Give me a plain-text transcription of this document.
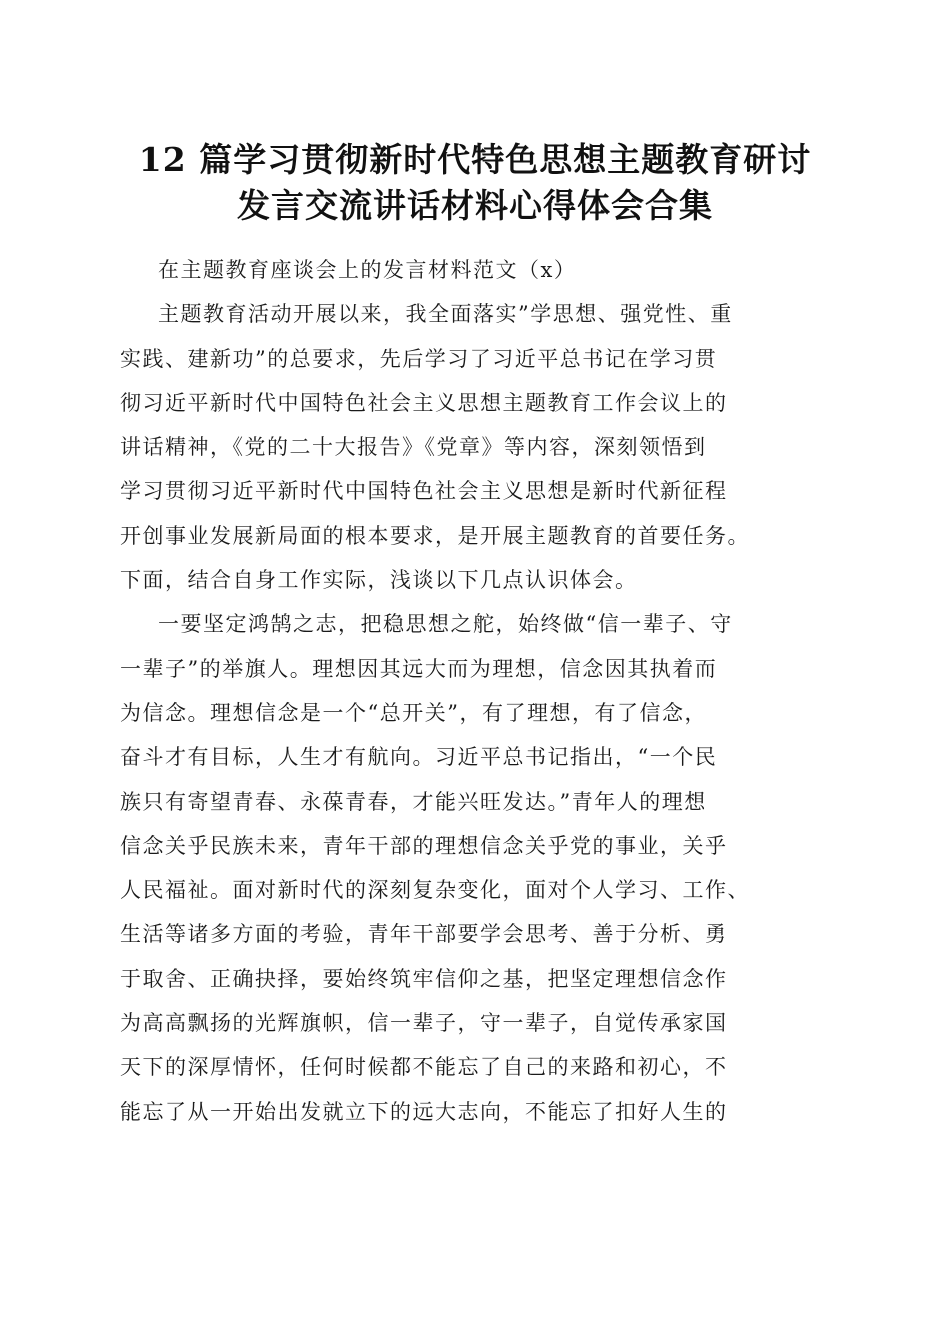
12 篇学习贯彻新时代特色思想主题教育研讨
发言交流讲话材料心得体会合集
在主题教育座谈会上的发言材料范文（x）
主题教育活动开展以来，我全面落实”学思想、强党性、重
实践、建新功”的总要求，先后学习了习近平总书记在学习贯
彻习近平新时代中国特色社会主义思想主题教育工作会议上的
讲话精神，《党的二十大报告》《党章》等内容，深刻领悟到
学习贯彻习近平新时代中国特色社会主义思想是新时代新征程
开创事业发展新局面的根本要求，是开展主题教育的首要任务。
下面，结合自身工作实际，浅谈以下几点认识体会。
一要坚定鸿鹄之志，把稳思想之舵，始终做“信一辈子、守
一辈子”的举旗人。理想因其远大而为理想，信念因其执着而
为信念。理想信念是一个“总开关”，有了理想，有了信念，
奋斗才有目标，人生才有航向。习近平总书记指出，“一个民
族只有寄望青春、永葆青春，才能兴旺发达。”青年人的理想
信念关乎民族未来，青年干部的理想信念关乎党的事业，关乎
人民福祉。面对新时代的深刻复杂变化，面对个人学习、工作、
生活等诸多方面的考验，青年干部要学会思考、善于分析、勇
于取舍、正确抉择，要始终筑牢信仰之基，把坚定理想信念作
为高高飘扬的光辉旗帜，信一辈子，守一辈子，自觉传承家国
天下的深厚情怀，任何时候都不能忘了自己的来路和初心，不
能忘了从一开始出发就立下的远大志向，不能忘了扣好人生的
